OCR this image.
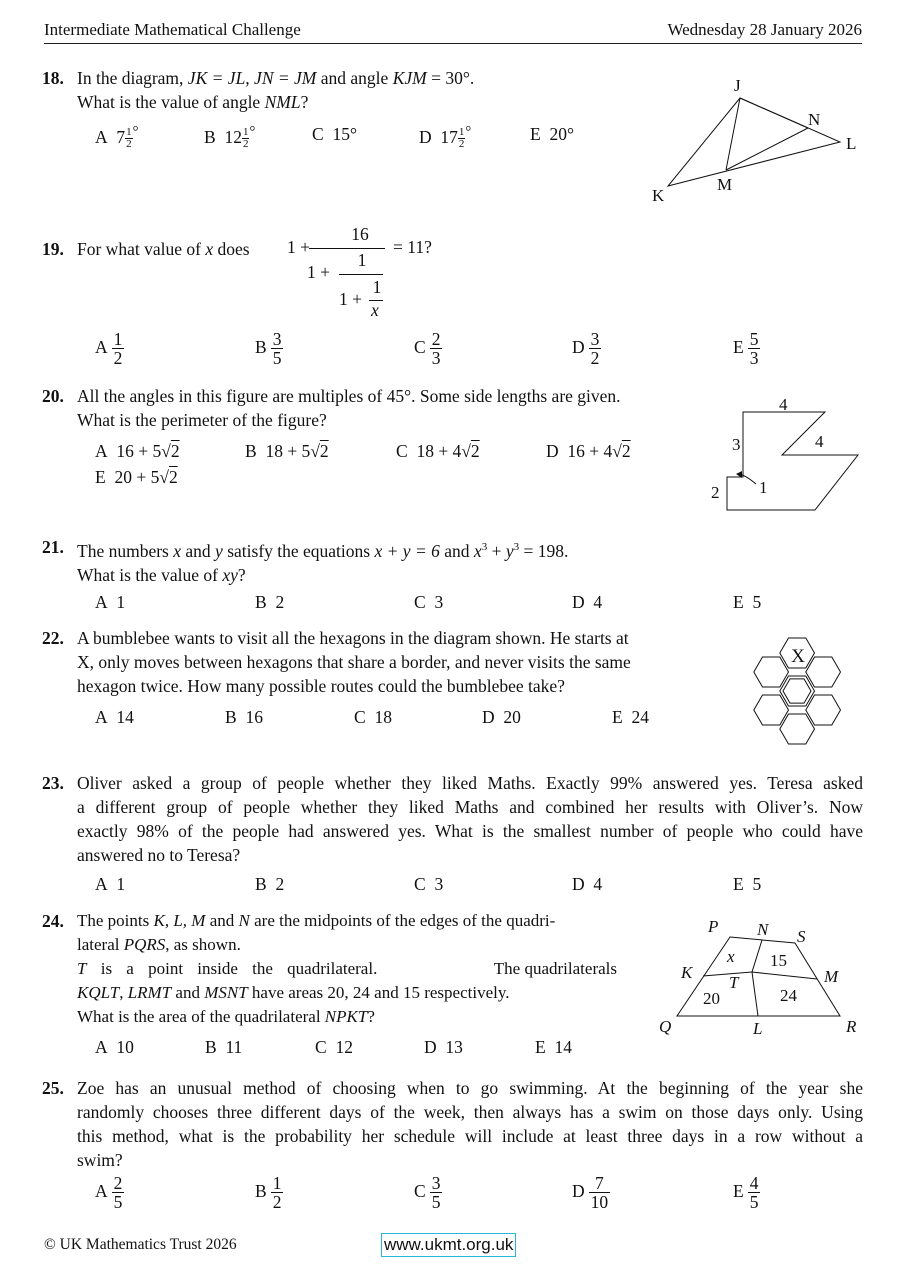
Intermediate Mathematical Challenge	Wednesday 28 January 2026
18. In the diagram, JK = JL, JN = JM and angle KJM = 30°.
What is the value of angle NML?
A $7 \frac{1}{2} ^\circ$	B $12 \frac{1}{2} ^\circ$	C 15°	D $17 \frac{1}{2} ^\circ$	E 20°
J
N
L
K
M
19. For what value of x does 1 +
16
1 +
1
1 +
1
x
= 11?
A $\frac{1}{2}$	B $\frac{3}{5}$	C $\frac{2}{3}$	D $\frac{3}{2}$	E $\frac{5}{3}$
20. All the angles in this figure are multiples of 45°. Some side lengths are given.
What is the perimeter of the figure?
A 16 + 5√2	B 18 + 5√2	C 18 + 4√2	D 16 + 4√2
E 20 + 5√2
4
4
3
2 1
21. The numbers x and y satisfy the equations x + y = 6 and $x^3 + y^3 = 198$.
What is the value of xy?
A 1	B 2	C 3	D 4	E 5
22. A bumblebee wants to visit all the hexagons in the diagram shown. He starts at
X, only moves between hexagons that share a border, and never visits the same
hexagon twice. How many possible routes could the bumblebee take?
A 14	B 16	C 18	D 20	E 24
X
23. Oliver asked a group of people whether they liked Maths. Exactly 99% answered yes. Teresa asked
a different group of people whether they liked Maths and combined her results with Oliver’s. Now
exactly 98% of the people had answered yes. What is the smallest number of people who could have
answered no to Teresa?
A 1	B 2	C 3	D 4	E 5
24. The points K, L, M and N are the midpoints of the edges of the quadri-
lateral PQRS, as shown.
T is a point inside the quadrilateral.	The quadrilaterals
KQLT, LRMT and MSNT have areas 20, 24 and 15 respectively.
What is the area of the quadrilateral NPKT?
A 10	B 11	C 12	D 13	E 14
P N S
K	M
T
Q	L	R
x 15
20	24
25. Zoe has an unusual method of choosing when to go swimming. At the beginning of the year she
randomly chooses three different days of the week, then always has a swim on those days only. Using
this method, what is the probability her schedule will include at least three days in a row without a
swim?
A $\frac{2}{5}$	B $\frac{1}{2}$	C $\frac{3}{5}$	D $\frac{7}{10}$	E $\frac{4}{5}$
© UK Mathematics Trust 2026	www.ukmt.org.uk
